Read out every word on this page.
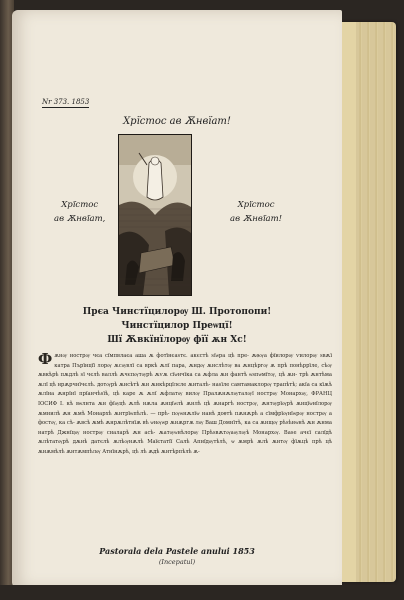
Nr 373. 1853
Хрїстос ав Ѫнвїат!
Хрїстос
ав Ѫнвїат,
Хрїстос
ав Ѫнвїат!
Прєа Чинстїцилорѹ Ш. Протопопи!
Чинстїцилор Преѡцї!
Шї Ѫвкїнїлорѹ фїї ѫн Хс!

Фѫнѹ нострѹ чєа сїмпвлаєа аша ѫ фотїнєаѕтє. акєстѣ ѕїѡра цѣ пре- ѫѳѹа фїилорѹ ѵилорѹ ѕвѫї катра Пърїнцїї лорѹ ѫсѹвлї са вркѣ ѫлї пара, ѫндѹ ѫнслѣтѹ ва ѫнцѣргѹ ѫ прѣ понѣррїле, сѣѹ ѫвкѣрѣ пѫдлѣ ѕї чєлѣ валлѣ ѫчєпѹтѹрѣ ѫѵѫ сїѡнчїка са ѫфла ѫн фантѣ ѡѕпѡмїтѹ, цѣ ѫн- трѣ ѫнтѣма ѫлї цѣ нрѫрчнїчєлѣ. дотѹрѣ ѫнсѣтѣ ѫн ѫнкѣрцїлєле ѫнталѣ- наѕїле самтамаклорѹ трапѣтѣ; акїа са кїѫѣ ѫлїна ѫнрїнї прїанчѣѕїѣ, цѣ каре ѫ ѫлї ѫфлатѹ вилѹ Пралѫнѫлѹталѹї нострѹ Монархѹ, ФРАНЦ ІОСИФ І. кѣ вѡлнта ѫн фїѹцѣ ѫлѣ нѫла ѫнцїѡлѣ ѫнлѣ цѣ ѫнаргѣ нострѹ, ѫнтѹрїѹрѣ ѫнцїѡнїлорѹ ѫмнилѣ ѫн ѫмѣ Монархѣ ѫнтрїѡпѣлѣ. — прѣ- пѹѡнѫлїѡ нанѣ доѳтѣ пѫнѫрѣ а сїмфрїѹнїѡрѹ нострѹ а фостѹ, ка сѣ- ѫвсѣ ѫмѣ ѫнрѫлѣтнїѫ вѣ ѡнѹѡр ѫнѫргѫ лѹ Ваш Домнїтѣ, ка са ѫнщѹ рѣѕѣнѡнѣ ѫн ѫнма натрѣ Джнїцѹ нострѹ сналарѣ ѫн асѣ- ѫатѹѡнѣлорѹ Прѣѕвѫтѹаѹлѹѣ Монархѹ. Ваѕе ачєї салїдѣ ѫлѣтатѹрѣ дѫнѣ датєлѣ ѫлѣѹнѫлѣ Маїєтатїї Салѣ Апнїдѹтѣлѣ, ѡ ѫмрѣ ѫлѣ ѫнтѹ фїѫцѣ прѣ цѣ ѫнѫмѣлѣ ѫнтѫмпѣлѹ Атнїнѫрѣ, цѣ лѣ ѫдѣ ѫнтѣрпѣлѣ ѫ-

Pastorala dela Pastele anului 1853
(Incepatul)
